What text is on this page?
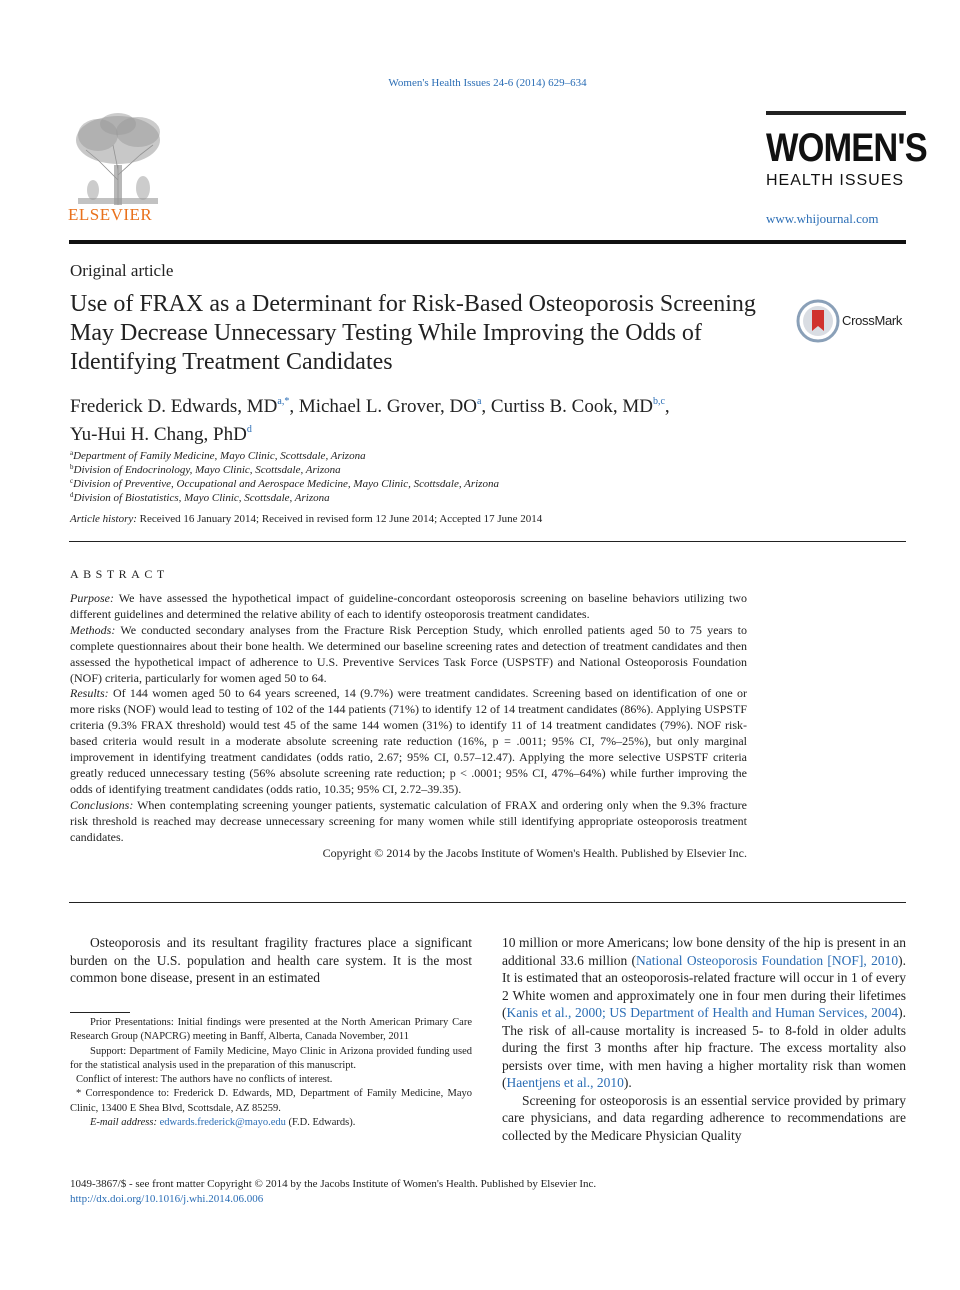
Women's Health Issues 24-6 (2014) 629–634
ELSEVIER
WOMEN'S
HEALTH ISSUES
www.whijournal.com
Original article
Use of FRAX as a Determinant for Risk-Based Osteoporosis Screening May Decrease Unnecessary Testing While Improving the Odds of Identifying Treatment Candidates
CrossMark
Frederick D. Edwards, $MD^{a,*}$, Michael L. Grover, $DO^a$, Curtiss B. Cook, MD$^{b,c}$,
Yu-Hui H. Chang, PhD$^d$
$^a$Department of Family Medicine, Mayo Clinic, Scottsdale, Arizona
$^b$Division of Endocrinology, Mayo Clinic, Scottsdale, Arizona
$^c$Division of Preventive, Occupational and Aerospace Medicine, Mayo Clinic, Scottsdale, Arizona
$^d$Division of Biostatistics, Mayo Clinic, Scottsdale, Arizona
Article history: Received 16 January 2014; Received in revised form 12 June 2014; Accepted 17 June 2014
ABSTRACT

Purpose: We have assessed the hypothetical impact of guideline-concordant osteoporosis screening on baseline behaviors utilizing two different guidelines and determined the relative ability of each to identify osteoporosis treatment candidates.

Methods: We conducted secondary analyses from the Fracture Risk Perception Study, which enrolled patients aged 50 to 75 years to complete questionnaires about their bone health. We determined our baseline screening rates and detection of treatment candidates and then assessed the hypothetical impact of adherence to U.S. Preventive Services Task Force (USPSTF) and National Osteoporosis Foundation (NOF) criteria, particularly for women aged 50 to 64.

Results: Of 144 women aged 50 to 64 years screened, 14 (9.7%) were treatment candidates. Screening based on identification of one or more risks (NOF) would lead to testing of 102 of the 144 patients (71%) to identify 12 of 14 treatment candidates (86%). Applying USPSTF criteria (9.3% FRAX threshold) would test 45 of the same 144 women (31%) to identify 11 of 14 treatment candidates (79%). NOF risk-based criteria would result in a moderate absolute screening rate reduction (16%, p = .0011; 95% CI, 7%–25%), but only marginal improvement in identifying treatment candidates (odds ratio, 2.67; 95% CI, 0.57–12.47). Applying the more selective USPSTF criteria greatly reduced unnecessary testing (56% absolute screening rate reduction; p < .0001; 95% CI, 47%–64%) while further improving the odds of identifying treatment candidates (odds ratio, 10.35; 95% CI, 2.72–39.35).

Conclusions: When contemplating screening younger patients, systematic calculation of FRAX and ordering only when the 9.3% fracture risk threshold is reached may decrease unnecessary screening for many women while still identifying appropriate osteoporosis treatment candidates.

Copyright © 2014 by the Jacobs Institute of Women's Health. Published by Elsevier Inc.

Osteoporosis and its resultant fragility fractures place a significant burden on the U.S. population and health care system. It is the most common bone disease, present in an estimated

Prior Presentations: Initial findings were presented at the North American Primary Care Research Group (NAPCRG) meeting in Banff, Alberta, Canada November, 2011

Support: Department of Family Medicine, Mayo Clinic in Arizona provided funding used for the statistical analysis used in the preparation of this manuscript.

Conflict of interest: The authors have no conflicts of interest.

* Correspondence to: Frederick D. Edwards, MD, Department of Family Medicine, Mayo Clinic, 13400 E Shea Blvd, Scottsdale, AZ 85259.

E-mail address: edwards.frederick@mayo.edu (F.D. Edwards).

10 million or more Americans; low bone density of the hip is present in an additional 33.6 million (National Osteoporosis Foundation [NOF], 2010). It is estimated that an osteoporosis-related fracture will occur in 1 of every 2 White women and approximately one in four men during their lifetimes (Kanis et al., 2000; US Department of Health and Human Services, 2004). The risk of all-cause mortality is increased 5- to 8-fold in older adults during the first 3 months after hip fracture. The excess mortality also persists over time, with men having a higher mortality risk than women (Haentjens et al., 2010).

Screening for osteoporosis is an essential service provided by primary care physicians, and data regarding adherence to recommendations are collected by the Medicare Physician Quality

1049-3867/$ - see front matter Copyright © 2014 by the Jacobs Institute of Women's Health. Published by Elsevier Inc.
http://dx.doi.org/10.1016/j.whi.2014.06.006
